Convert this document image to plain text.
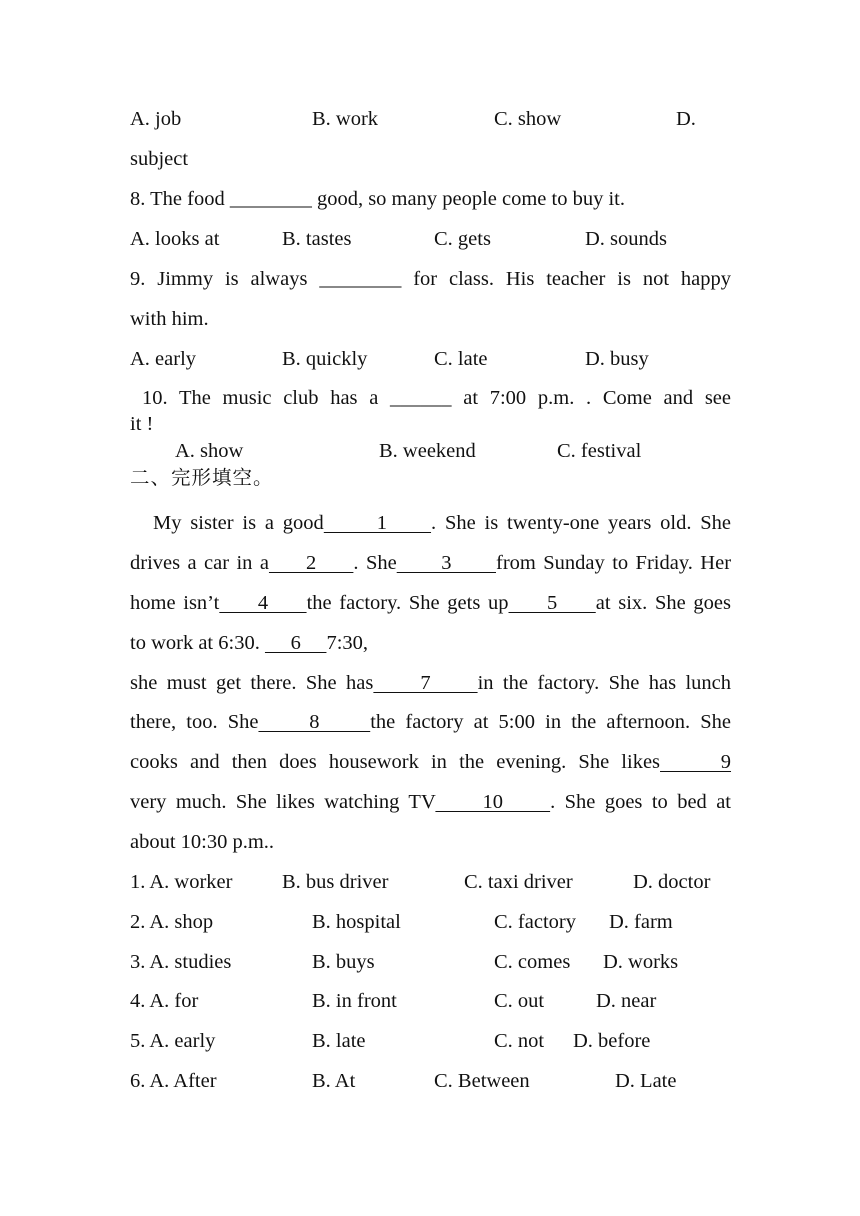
A. job	B. work	C. show	D.
subject
8. The food ________ good, so many people come to buy it.
A. looks at	B. tastes	C. gets	D. sounds
9. Jimmy is always ________ for class. His teacher is not happy
with him.
A. early	B. quickly	C. late	D. busy
10. The music club has a ______ at 7:00 p.m. . Come and see
it !
A. show	B. weekend	C. festival
二、完形填空。
My sister is a good      1     . She is twenty-one years old. She
drives a car in a     2     . She      3      from Sunday to Friday. Her
home isn’t     4     the factory. She gets up     5     at six. She goes
to work at 6:30.      6     7:30,
she must get there. She has     7     in the factory. She has lunch
there, too. She     8     the factory at 5:00 in the afternoon. She
cooks and then does housework in the evening. She likes     9
very much. She likes watching TV     10     . She goes to bed at
about 10:30 p.m..
1. A. worker B. bus driver	C. taxi driver	D. doctor
2. A. shop	B. hospital	C. factory D. farm
3. A. studies	B. buys	C. comes D. works
4. A. for	B. in front	C. out	D. near
5. A. early	B. late	C. not D. before
6. A. After	B. At	C. Between	D. Late
